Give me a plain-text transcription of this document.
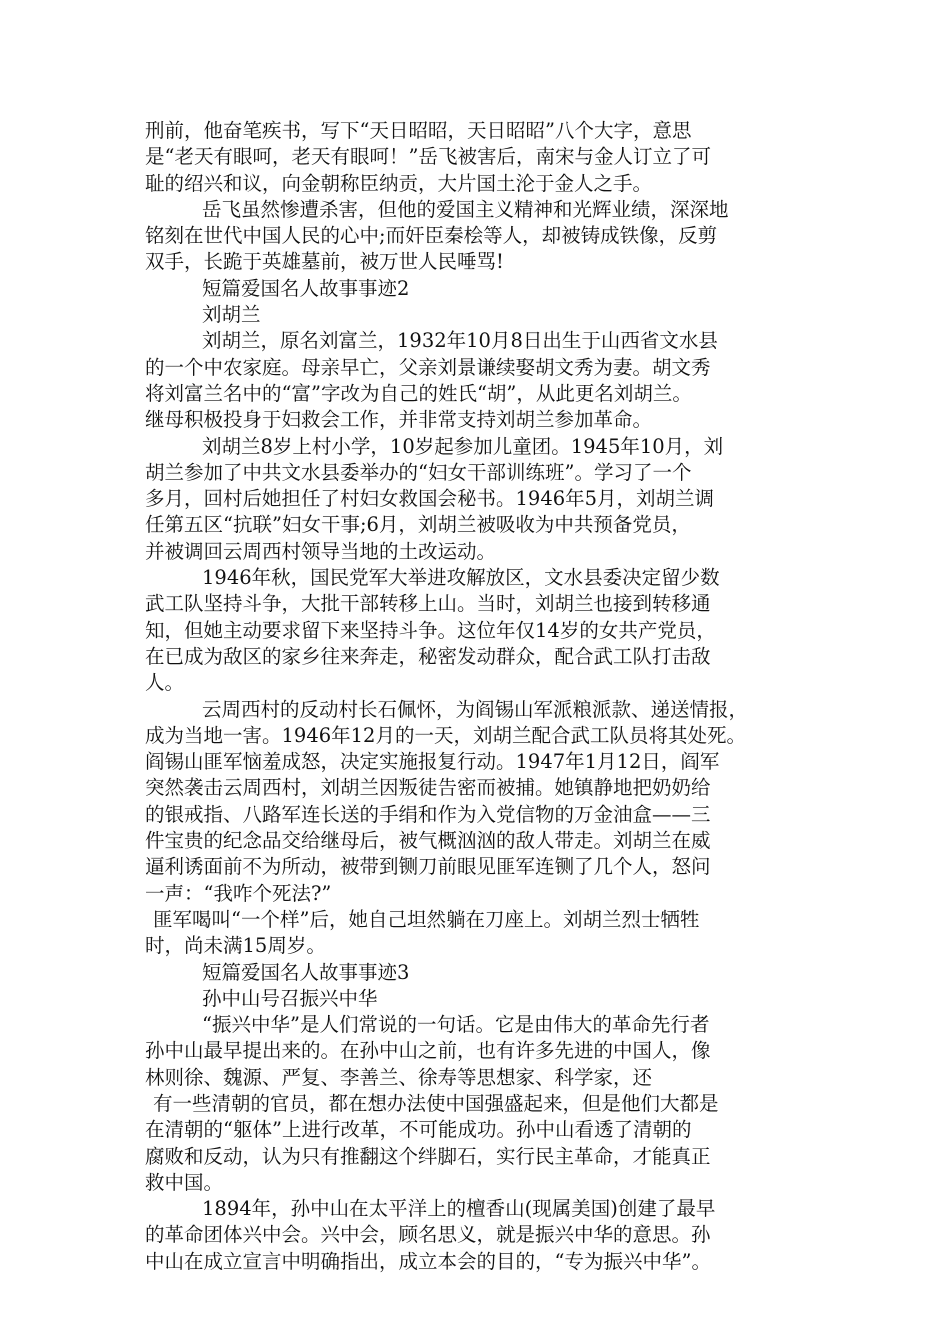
刑前，他奋笔疾书，写下“天日昭昭，天日昭昭”八个大字，意思
是“老天有眼呵，老天有眼呵！”岳飞被害后，南宋与金人订立了可
耻的绍兴和议，向金朝称臣纳贡，大片国土沦于金人之手。
岳飞虽然惨遭杀害，但他的爱国主义精神和光辉业绩，深深地
铭刻在世代中国人民的心中;而奸臣秦桧等人，却被铸成铁像，反剪
双手，长跪于英雄墓前，被万世人民唾骂!
短篇爱国名人故事事迹2
刘胡兰
刘胡兰，原名刘富兰，1932年10月8日出生于山西省文水县
的一个中农家庭。母亲早亡，父亲刘景谦续娶胡文秀为妻。胡文秀
将刘富兰名中的“富”字改为自己的姓氏“胡”，从此更名刘胡兰。
继母积极投身于妇救会工作，并非常支持刘胡兰参加革命。
刘胡兰8岁上村小学，10岁起参加儿童团。1945年10月，刘
胡兰参加了中共文水县委举办的“妇女干部训练班”。学习了一个
多月，回村后她担任了村妇女救国会秘书。1946年5月，刘胡兰调
任第五区“抗联”妇女干事;6月，刘胡兰被吸收为中共预备党员，
并被调回云周西村领导当地的土改运动。
1946年秋，国民党军大举进攻解放区，文水县委决定留少数
武工队坚持斗争，大批干部转移上山。当时，刘胡兰也接到转移通
知，但她主动要求留下来坚持斗争。这位年仅14岁的女共产党员，
在已成为敌区的家乡往来奔走，秘密发动群众，配合武工队打击敌
人。
云周西村的反动村长石佩怀，为阎锡山军派粮派款、递送情报，
成为当地一害。1946年12月的一天，刘胡兰配合武工队员将其处死。
阎锡山匪军恼羞成怒，决定实施报复行动。1947年1月12日，阎军
突然袭击云周西村，刘胡兰因叛徒告密而被捕。她镇静地把奶奶给
的银戒指、八路军连长送的手绢和作为入党信物的万金油盒——三
件宝贵的纪念品交给继母后，被气概汹汹的敌人带走。刘胡兰在威
逼利诱面前不为所动，被带到铡刀前眼见匪军连铡了几个人，怒问
一声：“我咋个死法?”
匪军喝叫“一个样”后，她自己坦然躺在刀座上。刘胡兰烈士牺牲
时，尚未满15周岁。
短篇爱国名人故事事迹3
孙中山号召振兴中华
“振兴中华”是人们常说的一句话。它是由伟大的革命先行者
孙中山最早提出来的。在孙中山之前，也有许多先进的中国人，像
林则徐、魏源、严复、李善兰、徐寿等思想家、科学家，还
有一些清朝的官员，都在想办法使中国强盛起来，但是他们大都是
在清朝的“躯体”上进行改革，不可能成功。孙中山看透了清朝的
腐败和反动，认为只有推翻这个绊脚石，实行民主革命，才能真正
救中国。
1894年，孙中山在太平洋上的檀香山(现属美国)创建了最早
的革命团体兴中会。兴中会，顾名思义，就是振兴中华的意思。孙
中山在成立宣言中明确指出，成立本会的目的，“专为振兴中华”。
